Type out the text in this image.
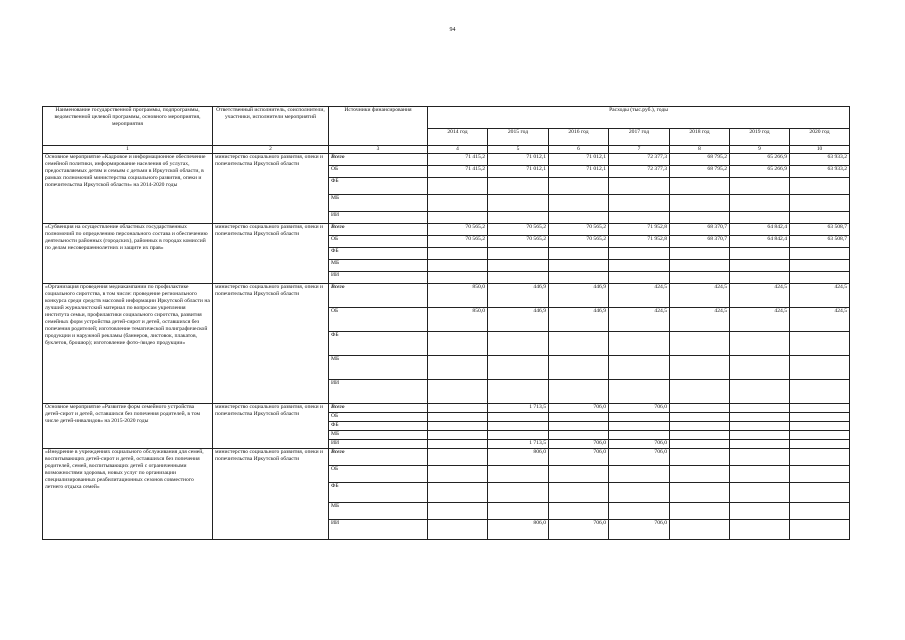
94
Наименование государственной программы, подпрограммы, ведомственной целевой программы, основного мероприятия, мероприятия	Ответственный исполнитель, соисполнители, участники, исполнители мероприятий	Источники финансирования	Расходы (тыс.руб.), годы						
			2014 год	2015 год	2016 год	2017 год	2018 год	2019 год	2020 год
1	2	3	4	5	6	7	8	9	10
Основное мероприятие «Кадровое и информационное обеспечение семейной политики, информирование населения об услугах, предоставляемых детям и семьям с детьми в Иркутской области, в рамках полномочий министерства социального развития, опеки и попечительства Иркутской области» на 2014-2020 годы	министерство социального развития, опеки и попечительства Иркутской области	Всего	71 415,2	71 012,1	71 012,1	72 377,3	68 795,2	65 266,9	63 933,2
		ОБ	71 415,2	71 012,1	71 012,1	72 377,3	68 795,2	65 266,9	63 933,2
		ФБ							
		МБ							
		ИИ							
«Субвенция на осуществление областных государственных полномочий по определению персонального состава и обеспечению деятельности районных (городских), районных в городах комиссий по делам несовершеннолетних и защите их прав»	министерство социального развития, опеки и попечительства Иркутской области	Всего	70 565,2	70 565,2	70 565,2	71 952,8	68 370,7	64 842,4	63 508,7
		ОБ	70 565,2	70 565,2	70 565,2	71 952,8	68 370,7	64 842,4	63 508,7
		ФБ							
		МБ							
		ИИ							
«Организация проведения медиакампании по профилактике социального сиротства, в том числе: проведение регионального конкурса среди средств массовой информации Иркутской области на лучший журналистский материал по вопросам укрепления института семьи, профилактики социального сиротства, развития семейных форм устройства детей-сирот и детей, оставшихся без попечения родителей; изготовление тематической полиграфической продукции и наружной рекламы (баннеров, листовок, плакатов, буклетов, брошюр); изготовление фото-/видео продукции»	министерство социального развития, опеки и попечительства Иркутской области	Всего	850,0	446,9	446,9	424,5	424,5	424,5	424,5
		ОБ	850,0	446,9	446,9	424,5	424,5	424,5	424,5
		ФБ							
		МБ							
		ИИ							
Основное мероприятие «Развитие форм семейного устройства детей-сирот и детей, оставшихся без попечения родителей, в том числе детей-инвалидов» на 2015-2020 годы	министерство социального развития, опеки и попечительства Иркутской области	Всего		1 713,5	706,0	706,0			
		ОБ							
		ФБ							
		МБ							
		ИИ		1 713,5	706,0	706,0			
«Внедрение в учреждениях социального обслуживания для семей, воспитывающих детей-сирот и детей, оставшихся без попечения родителей, семей, воспитывающих детей с ограниченными возможностями здоровья, новых услуг по организации специализированных реабилитационных сезонов совместного летнего отдыха семей»	министерство социального развития, опеки и попечительства Иркутской области	Всего		806,0	706,0	706,0			
		ОБ							
		ФБ							
		МБ							
		ИИ		806,0	706,0	706,0			
